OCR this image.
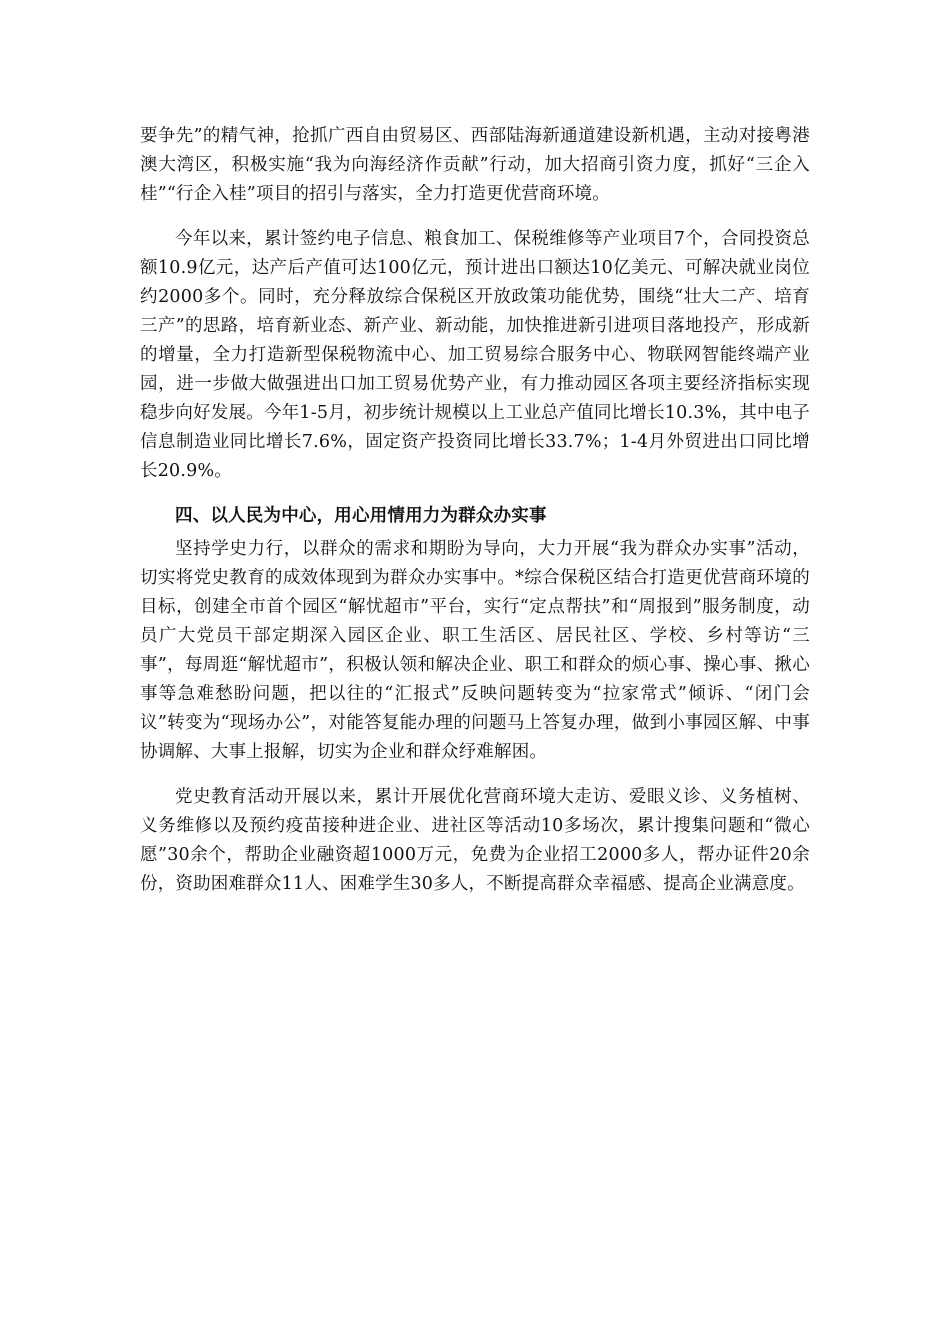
要争先”的精气神，抢抓广西自由贸易区、西部陆海新通道建设新机遇，主动对接粤港澳大湾区，积极实施“我为向海经济作贡献”行动，加大招商引资力度，抓好“三企入桂”“行企入桂”项目的招引与落实，全力打造更优营商环境。

今年以来，累计签约电子信息、粮食加工、保税维修等产业项目7个，合同投资总额10.9亿元，达产后产值可达100亿元，预计进出口额达10亿美元、可解决就业岗位约2000多个。同时，充分释放综合保税区开放政策功能优势，围绕“壮大二产、培育三产”的思路，培育新业态、新产业、新动能，加快推进新引进项目落地投产，形成新的增量，全力打造新型保税物流中心、加工贸易综合服务中心、物联网智能终端产业园，进一步做大做强进出口加工贸易优势产业，有力推动园区各项主要经济指标实现稳步向好发展。今年1-5月，初步统计规模以上工业总产值同比增长10.3%，其中电子信息制造业同比增长7.6%，固定资产投资同比增长33.7%；1-4月外贸进出口同比增长20.9%。

四、以人民为中心，用心用情用力为群众办实事

坚持学史力行，以群众的需求和期盼为导向，大力开展“我为群众办实事”活动，切实将党史教育的成效体现到为群众办实事中。*综合保税区结合打造更优营商环境的目标，创建全市首个园区“解忧超市”平台，实行“定点帮扶”和“周报到”服务制度，动员广大党员干部定期深入园区企业、职工生活区、居民社区、学校、乡村等访“三事”，每周逛“解忧超市”，积极认领和解决企业、职工和群众的烦心事、操心事、揪心事等急难愁盼问题，把以往的“汇报式”反映问题转变为“拉家常式”倾诉、“闭门会议”转变为“现场办公”，对能答复能办理的问题马上答复办理，做到小事园区解、中事协调解、大事上报解，切实为企业和群众纾难解困。

党史教育活动开展以来，累计开展优化营商环境大走访、爱眼义诊、义务植树、义务维修以及预约疫苗接种进企业、进社区等活动10多场次，累计搜集问题和“微心愿”30余个，帮助企业融资超1000万元，免费为企业招工2000多人，帮办证件20余份，资助困难群众11人、困难学生30多人，不断提高群众幸福感、提高企业满意度。
